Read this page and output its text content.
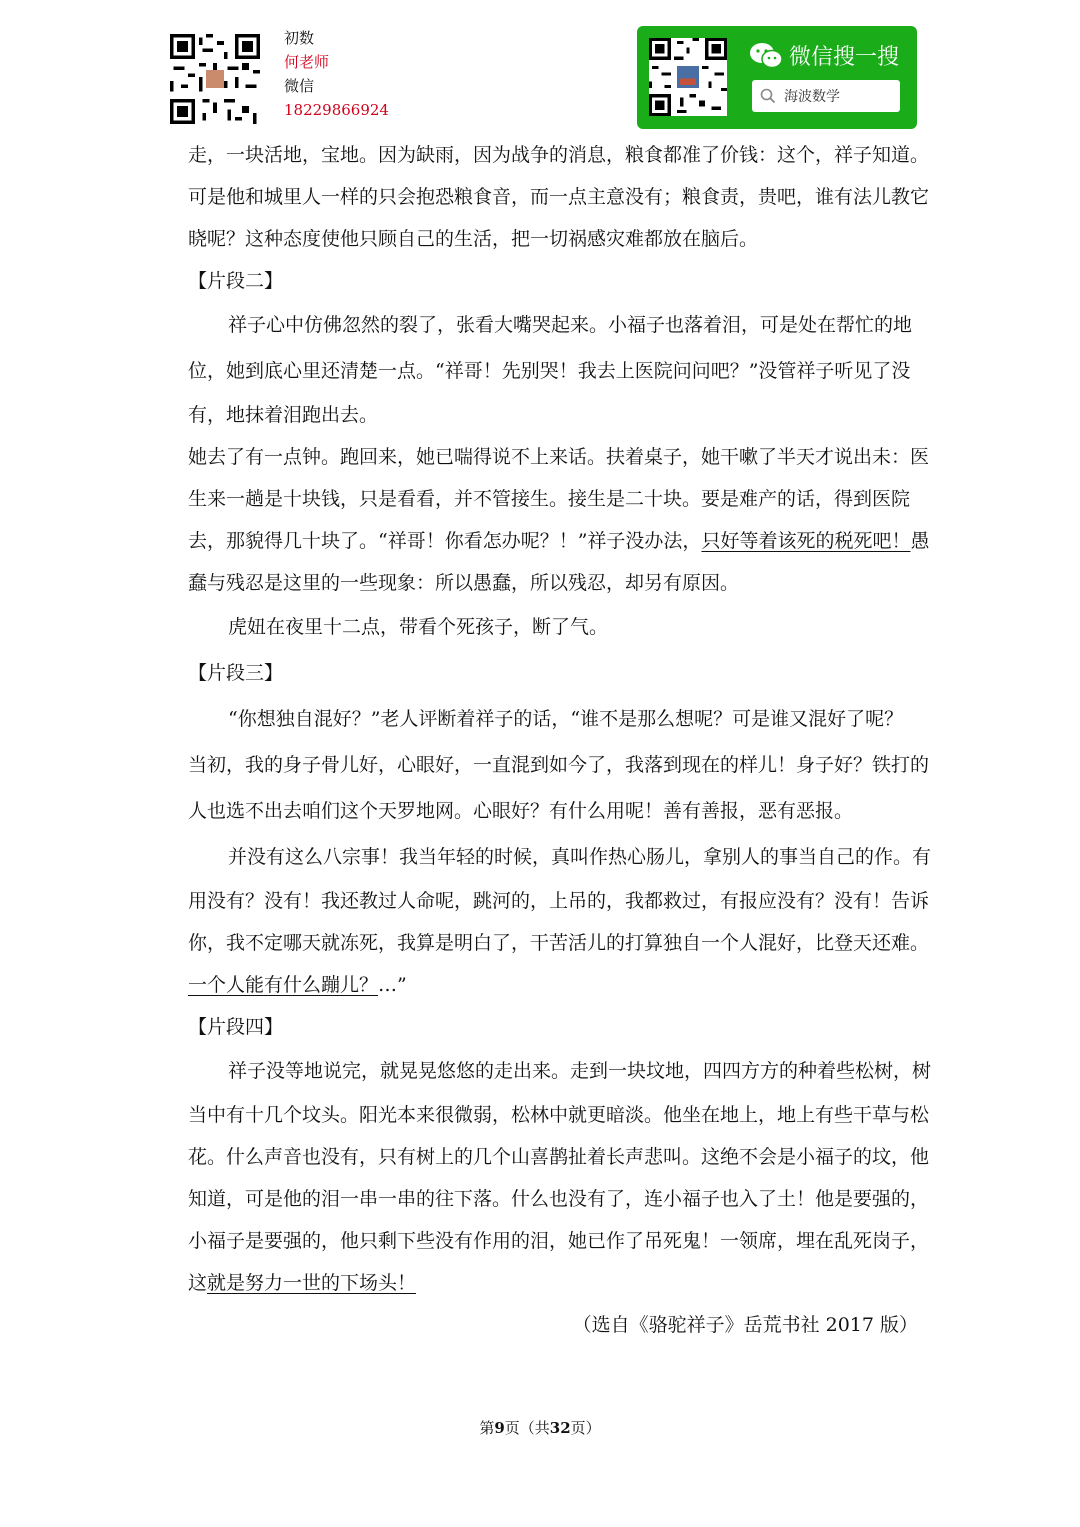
初数
何老师
微信
18229866924
微信搜一搜
海波数学
走，一块活地，宝地。因为缺雨，因为战争的消息，粮食都准了价钱：这个，祥子知道。
可是他和城里人一样的只会抱恐粮食音，而一点主意没有；粮食责，贵吧，谁有法儿教它
晓呢？这种态度使他只顾自己的生活，把一切祸感灾难都放在脑后。
【片段二】
祥子心中仿佛忽然的裂了，张看大嘴哭起来。小福子也落着泪，可是处在帮忙的地
位，她到底心里还清楚一点。“祥哥！先别哭！我去上医院问问吧？”没管祥子听见了没
有，地抹着泪跑出去。
她去了有一点钟。跑回来，她已喘得说不上来话。扶着桌子，她干嗽了半天才说出未：医
生来一趟是十块钱，只是看看，并不管接生。接生是二十块。要是难产的话，得到医院
去，那貌得几十块了。“祥哥！你看怎办呢？！”祥子没办法，只好等着该死的税死吧！愚
蠢与残忍是这里的一些现象：所以愚蠢，所以残忍，却另有原因。
虎妞在夜里十二点，带看个死孩子，断了气。
【片段三】
“你想独自混好？”老人评断着祥子的话，“谁不是那么想呢？可是谁又混好了呢？
当初，我的身子骨儿好，心眼好，一直混到如今了，我落到现在的样儿！身子好？铁打的
人也选不出去咱们这个天罗地网。心眼好？有什么用呢！善有善报，恶有恶报。
并没有这么八宗事！我当年轻的时候，真叫作热心肠儿，拿别人的事当自己的作。有
用没有？没有！我还教过人命呢，跳河的，上吊的，我都救过，有报应没有？没有！告诉
你，我不定哪天就冻死，我算是明白了，干苦活儿的打算独自一个人混好，比登天还难。
一个人能有什么蹦儿？…”
【片段四】
祥子没等地说完，就晃晃悠悠的走出来。走到一块坟地，四四方方的种着些松树，树
当中有十几个坟头。阳光本来很微弱，松林中就更暗淡。他坐在地上，地上有些干草与松
花。什么声音也没有，只有树上的几个山喜鹊扯着长声悲叫。这绝不会是小福子的坟，他
知道，可是他的泪一串一串的往下落。什么也没有了，连小福子也入了土！他是要强的，
小福子是要强的，他只剩下些没有作用的泪，她已作了吊死鬼！一领席，埋在乱死岗子，
这就是努力一世的下场头！
（选自《骆驼祥子》岳荒书社 2017 版）
第9页（共32页）
